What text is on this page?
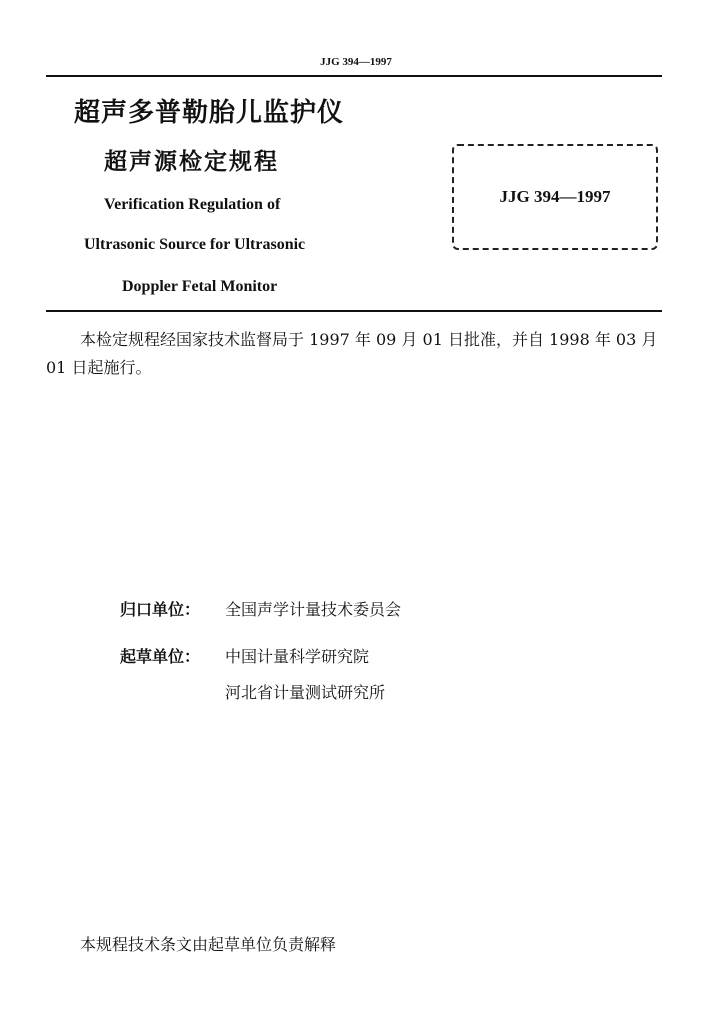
JJG 394—1997
超声多普勒胎儿监护仪
超声源检定规程
Verification Regulation of
Ultrasonic Source for Ultrasonic
Doppler Fetal Monitor
JJG 394—1997
本检定规程经国家技术监督局于 1997 年 09 月 01 日批准，并自 1998 年 03 月 01 日起施行。
归口单位： 全国声学计量技术委员会
起草单位： 中国计量科学研究院
河北省计量测试研究所
本规程技术条文由起草单位负责解释
